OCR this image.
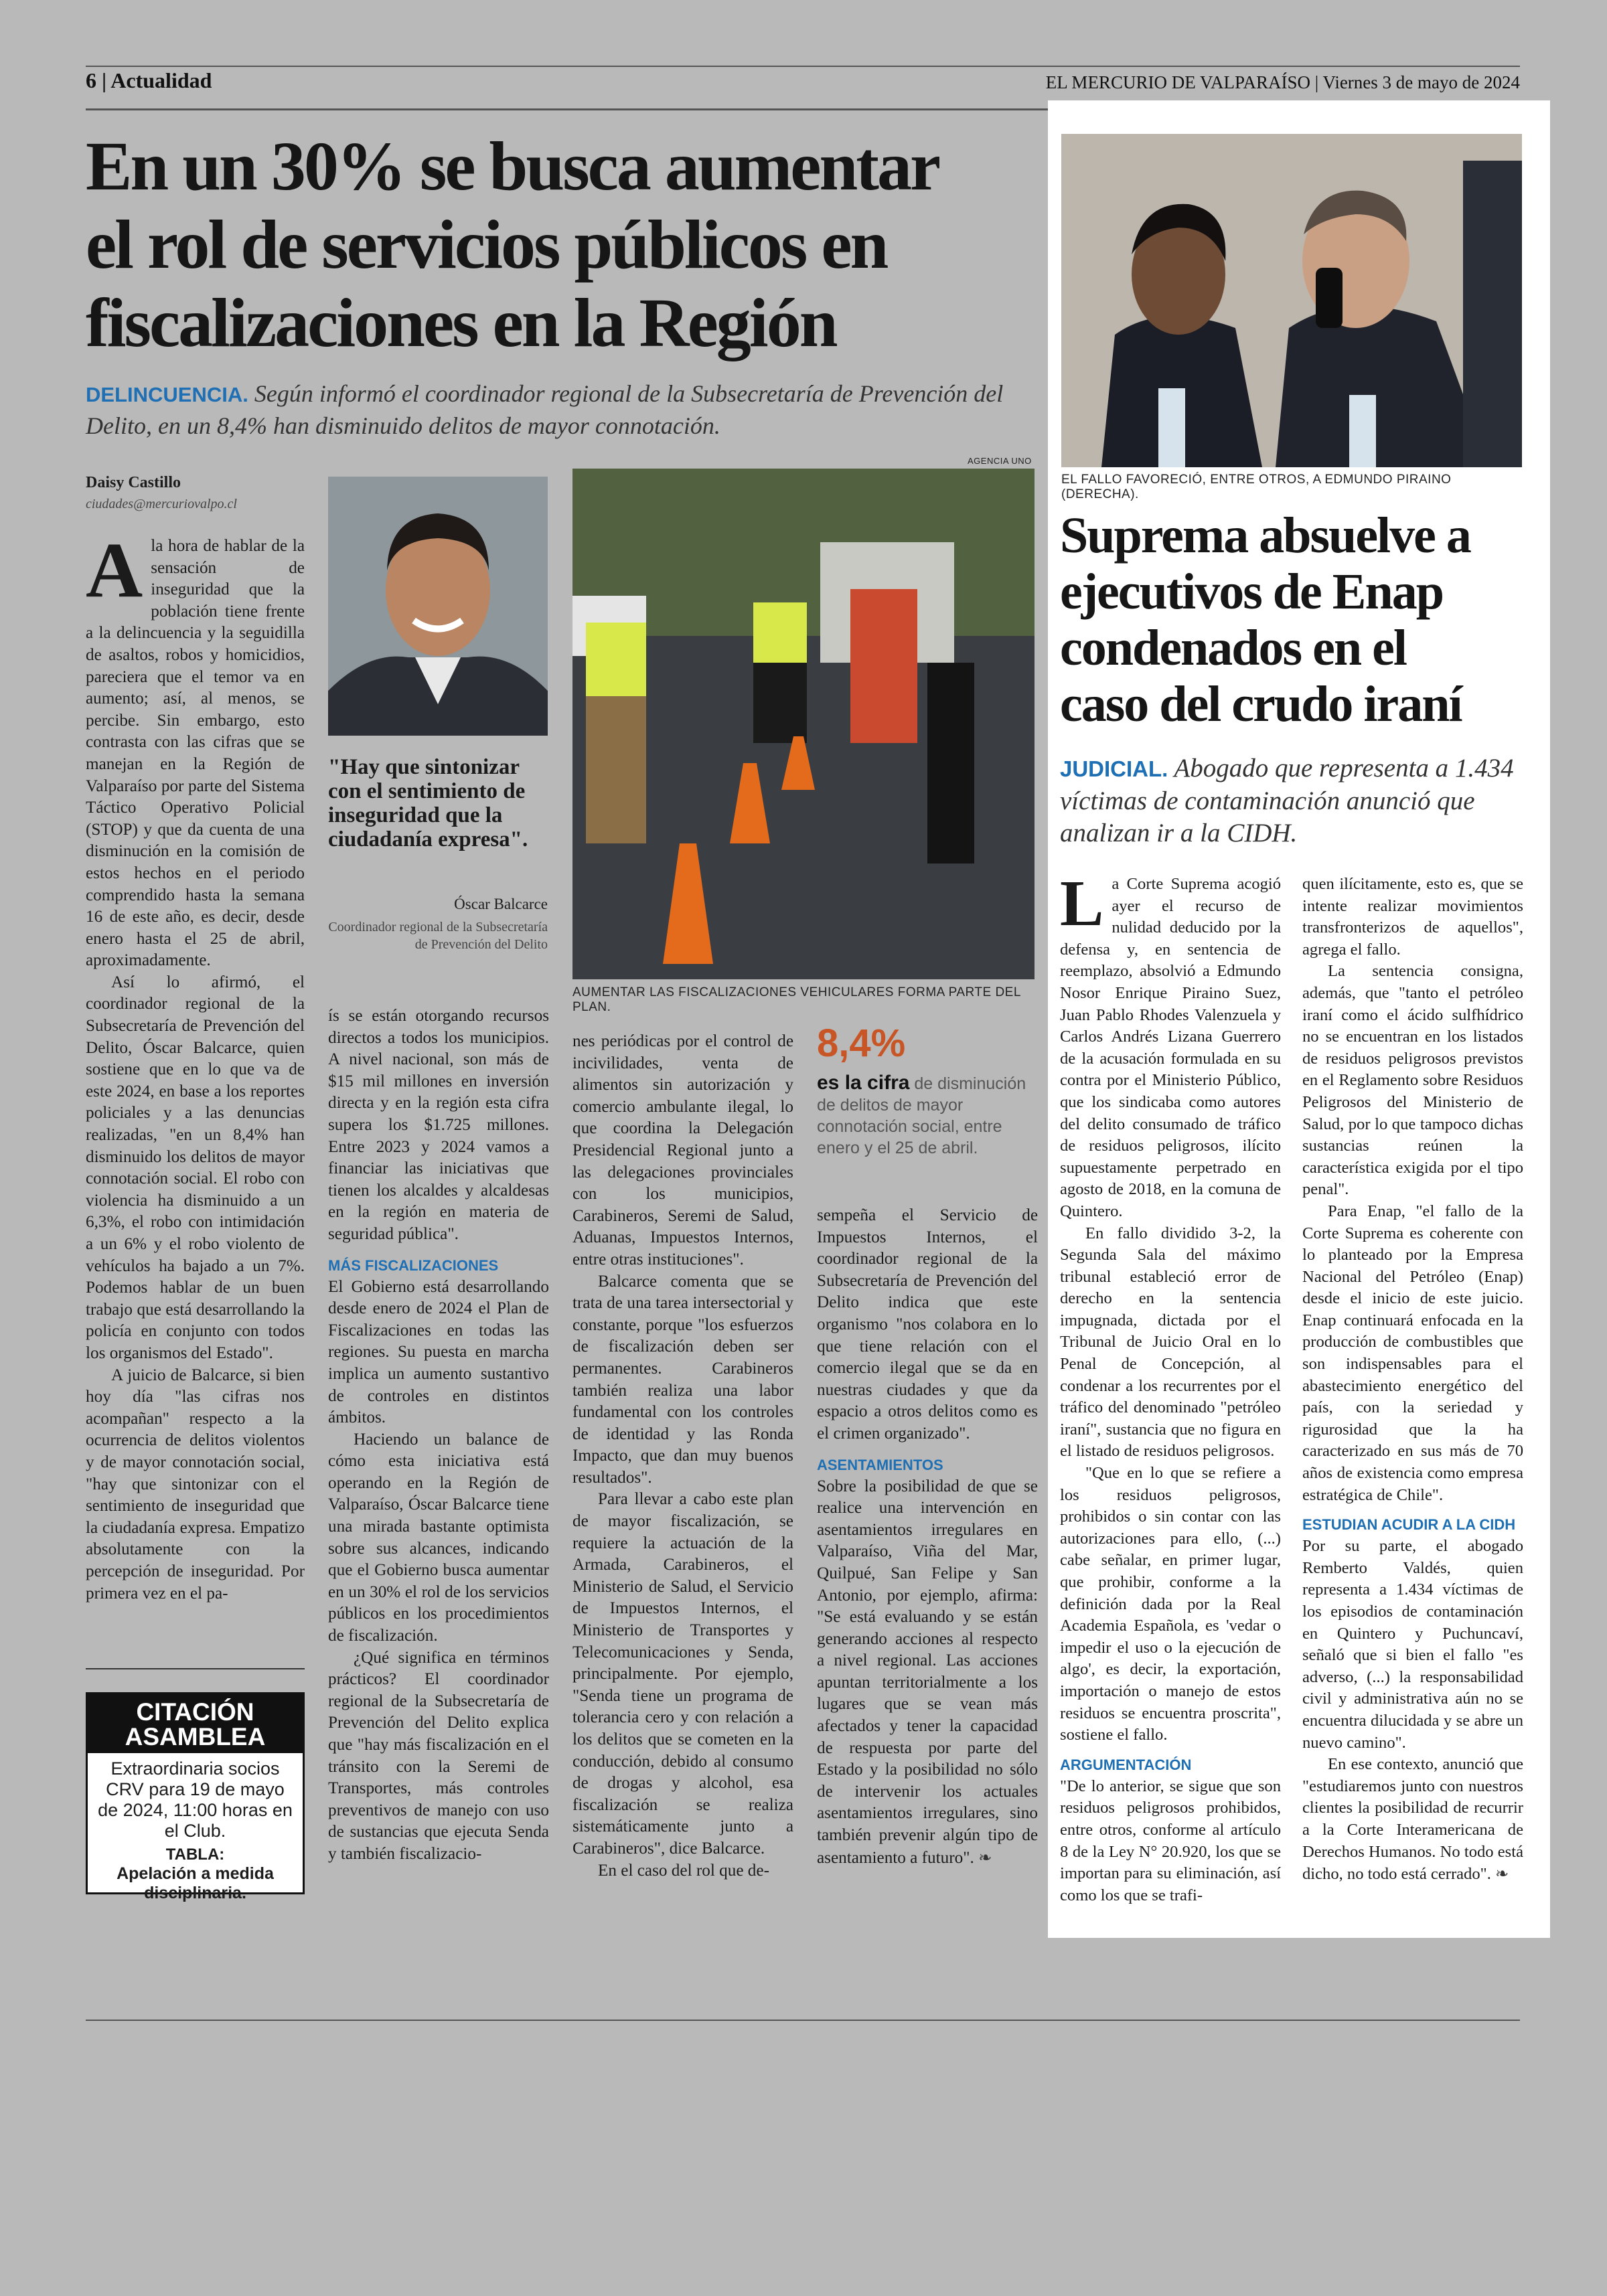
6 | Actualidad	EL MERCURIO DE VALPARAÍSO | Viernes 3 de mayo de 2024
En un 30% se busca aumentar
el rol de servicios públicos en
fiscalizaciones en la Región
DELINCUENCIA. Según informó el coordinador regional de la Subsecretaría de Prevención del Delito, en un 8,4% han disminuido delitos de mayor connotación.
Daisy Castillo
ciudades@mercuriovalpo.cl

Ala hora de hablar de la sensación de inseguridad que la población tiene frente a la delincuencia y la seguidilla de asaltos, robos y homicidios, pareciera que el temor va en aumento; así, al menos, se percibe. Sin embargo, esto contrasta con las cifras que se manejan en la Región de Valparaíso por parte del Sistema Táctico Operativo Policial (STOP) y que da cuenta de una disminución en la comisión de estos hechos en el periodo comprendido hasta la semana 16 de este año, es decir, desde enero hasta el 25 de abril, aproximadamente.

Así lo afirmó, el coordinador regional de la Subsecretaría de Prevención del Delito, Óscar Balcarce, quien sostiene que en lo que va de este 2024, en base a los reportes policiales y a las denuncias realizadas, "en un 8,4% han disminuido los delitos de mayor connotación social. El robo con violencia ha disminuido a un 6,3%, el robo con intimidación a un 6% y el robo violento de vehículos ha bajado a un 7%. Podemos hablar de un buen trabajo que está desarrollando la policía en conjunto con todos los organismos del Estado".

A juicio de Balcarce, si bien hoy día "las cifras nos acompañan" respecto a la ocurrencia de delitos violentos y de mayor connotación social, "hay que sintonizar con el sentimiento de inseguridad que la ciudadanía expresa. Empatizo absolutamente con la percepción de inseguridad. Por primera vez en el pa-

CITACIÓN
ASAMBLEA
Extraordinaria socios CRV para 19 de mayo de 2024, 11:00 horas en el Club.
TABLA:
Apelación a medida disciplinaria.
"Hay que sintonizar con el sentimiento de inseguridad que la ciudadanía expresa".
Óscar Balcarce
Coordinador regional de la Subsecretaría de Prevención del Delito

ís se están otorgando recursos directos a todos los municipios. A nivel nacional, son más de $15 mil millones en inversión directa y en la región esta cifra supera los $1.725 millones. Entre 2023 y 2024 vamos a financiar las iniciativas que tienen los alcaldes y alcaldesas en la región en materia de seguridad pública".

MÁS FISCALIZACIONES

El Gobierno está desarrollando desde enero de 2024 el Plan de Fiscalizaciones en todas las regiones. Su puesta en marcha implica un aumento sustantivo de controles en distintos ámbitos.

Haciendo un balance de cómo esta iniciativa está operando en la Región de Valparaíso, Óscar Balcarce tiene una mirada bastante optimista sobre sus alcances, indicando que el Gobierno busca aumentar en un 30% el rol de los servicios públicos en los procedimientos de fiscalización.

¿Qué significa en términos prácticos? El coordinador regional de la Subsecretaría de Prevención del Delito explica que "hay más fiscalización en el tránsito con la Seremi de Transportes, más controles preventivos de manejo con uso de sustancias que ejecuta Senda y también fiscalizacio-

AGENCIA UNO
AUMENTAR LAS FISCALIZACIONES VEHICULARES FORMA PARTE DEL PLAN.

nes periódicas por el control de incivilidades, venta de alimentos sin autorización y comercio ambulante ilegal, lo que coordina la Delegación Presidencial Regional junto a las delegaciones provinciales con los municipios, Carabineros, Seremi de Salud, Aduanas, Impuestos Internos, entre otras instituciones".

Balcarce comenta que se trata de una tarea intersectorial y constante, porque "los esfuerzos de fiscalización deben ser permanentes. Carabineros también realiza una labor fundamental con los controles de identidad y las Ronda Impacto, que dan muy buenos resultados".

Para llevar a cabo este plan de mayor fiscalización, se requiere la actuación de la Armada, Carabineros, el Ministerio de Salud, el Servicio de Impuestos Internos, el Ministerio de Transportes y Telecomunicaciones y Senda, principalmente. Por ejemplo, "Senda tiene un programa de tolerancia cero y con relación a los delitos que se cometen en la conducción, debido al consumo de drogas y alcohol, esa fiscalización se realiza sistemáticamente junto a Carabineros", dice Balcarce.

En el caso del rol que de-

8,4%
es la cifra de disminución de delitos de mayor connotación social, entre enero y el 25 de abril.

sempeña el Servicio de Impuestos Internos, el coordinador regional de la Subsecretaría de Prevención del Delito indica que este organismo "nos colabora en lo que tiene relación con el comercio ilegal que se da en nuestras ciudades y que da espacio a otros delitos como es el crimen organizado".

ASENTAMIENTOS

Sobre la posibilidad de que se realice una intervención en asentamientos irregulares en Valparaíso, Viña del Mar, Quilpué, San Felipe y San Antonio, por ejemplo, afirma: "Se está evaluando y se están generando acciones al respecto a nivel regional. Las acciones apuntan territorialmente a los lugares que se vean más afectados y tener la capacidad de respuesta por parte del Estado y la posibilidad no sólo de intervenir los actuales asentamientos irregulares, sino también prevenir algún tipo de asentamiento a futuro". ❧

EL FALLO FAVORECIÓ, ENTRE OTROS, A EDMUNDO PIRAINO (DERECHA).
Suprema absuelve a
ejecutivos de Enap
condenados en el
caso del crudo iraní
JUDICIAL. Abogado que representa a 1.434 víctimas de contaminación anunció que analizan ir a la CIDH.

La Corte Suprema acogió ayer el recurso de nulidad deducido por la defensa y, en sentencia de reemplazo, absolvió a Edmundo Nosor Enrique Piraino Suez, Juan Pablo Rhodes Valenzuela y Carlos Andrés Lizana Guerrero de la acusación formulada en su contra por el Ministerio Público, que los sindicaba como autores del delito consumado de tráfico de residuos peligrosos, ilícito supuestamente perpetrado en agosto de 2018, en la comuna de Quintero.

En fallo dividido 3-2, la Segunda Sala del máximo tribunal estableció error de derecho en la sentencia impugnada, dictada por el Tribunal de Juicio Oral en lo Penal de Concepción, al condenar a los recurrentes por el tráfico del denominado "petróleo iraní", sustancia que no figura en el listado de residuos peligrosos.

"Que en lo que se refiere a los residuos peligrosos, prohibidos o sin contar con las autorizaciones para ello, (...) cabe señalar, en primer lugar, que prohibir, conforme a la definición dada por la Real Academia Española, es 'vedar o impedir el uso o la ejecución de algo', es decir, la exportación, importación o manejo de estos residuos se encuentra proscrita", sostiene el fallo.

ARGUMENTACIÓN

"De lo anterior, se sigue que son residuos peligrosos prohibidos, entre otros, conforme al artículo 8 de la Ley N° 20.920, los que se importan para su eliminación, así como los que se trafi-

quen ilícitamente, esto es, que se intente realizar movimientos transfronterizos de aquellos", agrega el fallo.

La sentencia consigna, además, que "tanto el petróleo iraní como el ácido sulfhídrico no se encuentran en los listados de residuos peligrosos previstos en el Reglamento sobre Residuos Peligrosos del Ministerio de Salud, por lo que tampoco dichas sustancias reúnen la característica exigida por el tipo penal".

Para Enap, "el fallo de la Corte Suprema es coherente con lo planteado por la Empresa Nacional del Petróleo (Enap) desde el inicio de este juicio. Enap continuará enfocada en la producción de combustibles que son indispensables para el abastecimiento energético del país, con la seriedad y rigurosidad que la ha caracterizado en sus más de 70 años de existencia como empresa estratégica de Chile".

ESTUDIAN ACUDIR A LA CIDH

Por su parte, el abogado Remberto Valdés, quien representa a 1.434 víctimas de los episodios de contaminación en Quintero y Puchuncaví, señaló que si bien el fallo "es adverso, (...) la responsabilidad civil y administrativa aún no se encuentra dilucidada y se abre un nuevo camino".

En ese contexto, anunció que "estudiaremos junto con nuestros clientes la posibilidad de recurrir a la Corte Interamericana de Derechos Humanos. No todo está dicho, no todo está cerrado". ❧
